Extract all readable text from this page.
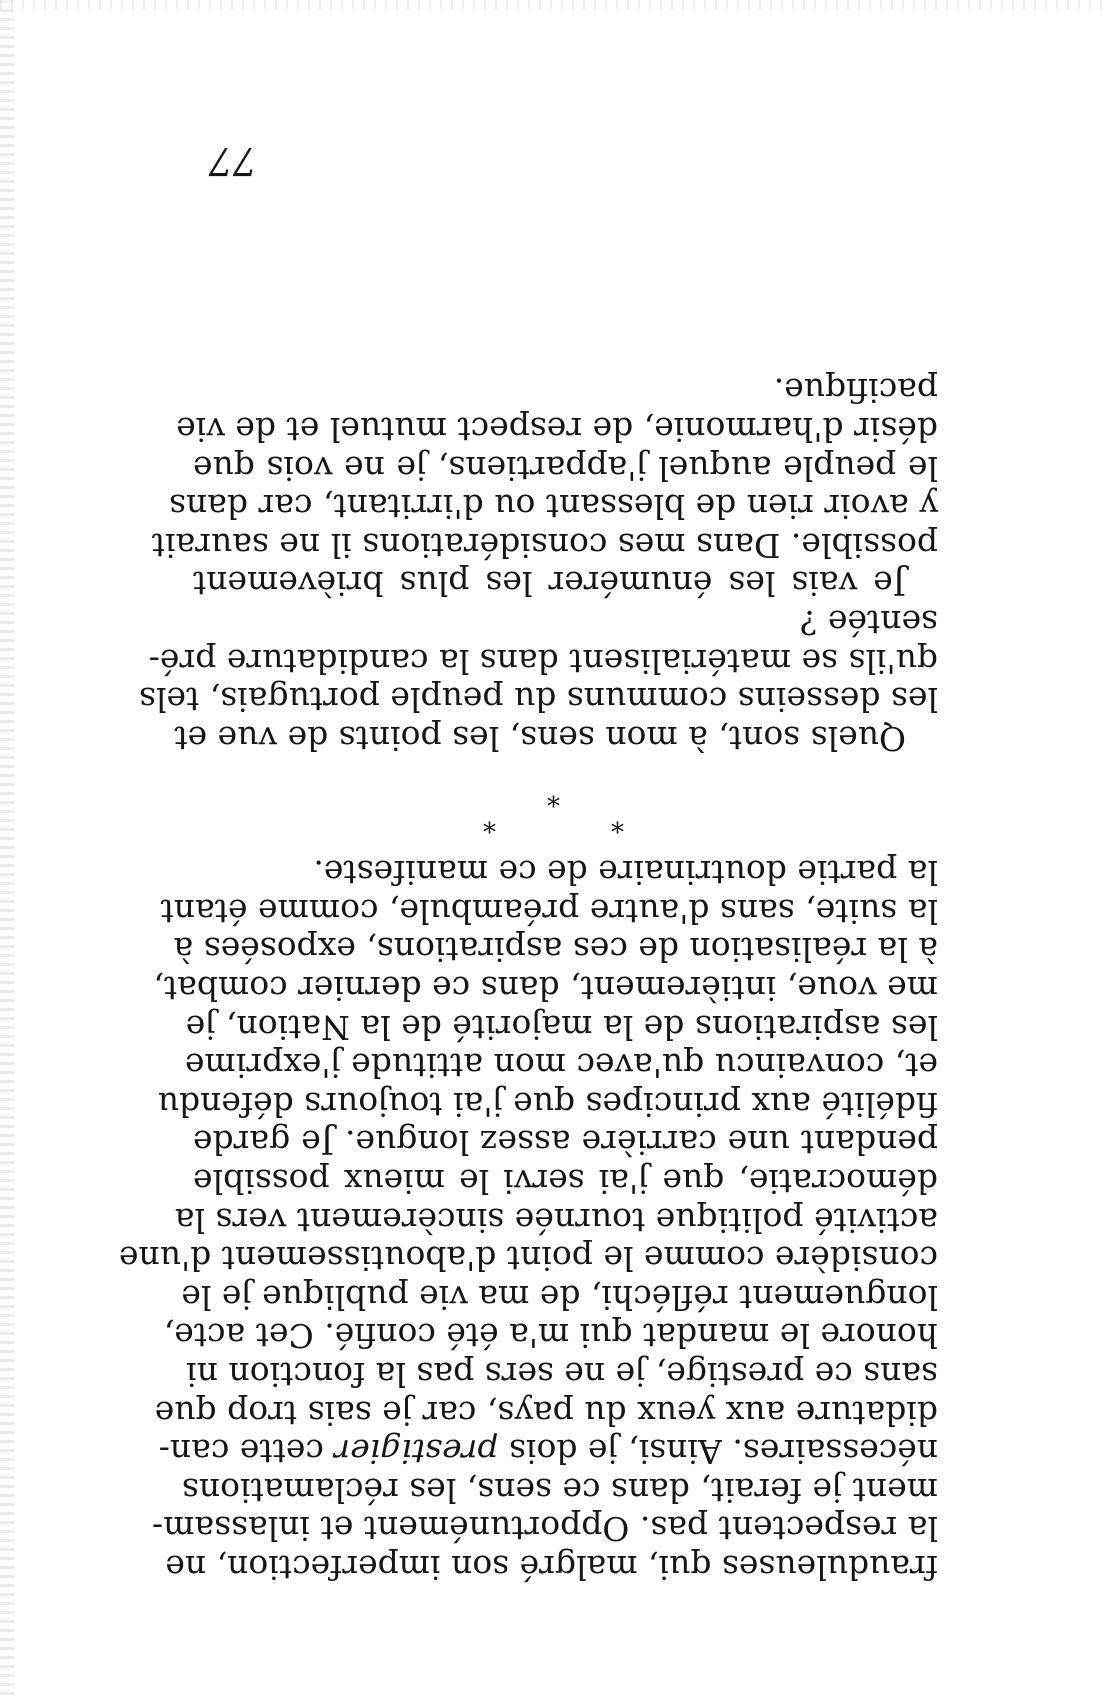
frauduleuses qui, malgré son imperfection, ne
la respectent pas. Opportunément et inlassam-
ment je ferait, dans ce sens, les réclamations
nécessaires. Ainsi, je dois prestigier cette can-
didature aux yeux du pays, car je sais trop que
sans ce prestige, je ne sers pas la fonction ni
honore le mandat qui m'a été confié. Cet acte,
longuement réfléchi, de ma vie publique je le
considère comme le point d'aboutissement d'une
activité politique tournée sincèrement vers la
démocratie, que j'ai servi le mieux possible
pendant une carrière assez longue. Je garde
fidélité aux principes que j'ai toujours défendu
et, convaincu qu'avec mon attitude j'exprime
les aspirations de la majorité de la Nation, je
me voue, intièrement, dans ce dernier combat,
à la réalisation de ces aspirations, exposées à
la suite, sans d'autre préambule, comme étant
la partie doutrinaire de ce manifeste.
*
*
*
Quels sont, à mon sens, les points de vue et
les desseins communs du peuple portugais, tels
qu'ils se matérialisent dans la candidature pré-
sentée ?
Je vais les énumérer les plus brièvement
possible. Dans mes considérations il ne saurait
y avoir rien de blessant ou d'irritant, car dans
le peuple auquel j'appartiens, je ne vois que
désir d'harmonie, de respect mutuel et de vie
pacifique.
77
